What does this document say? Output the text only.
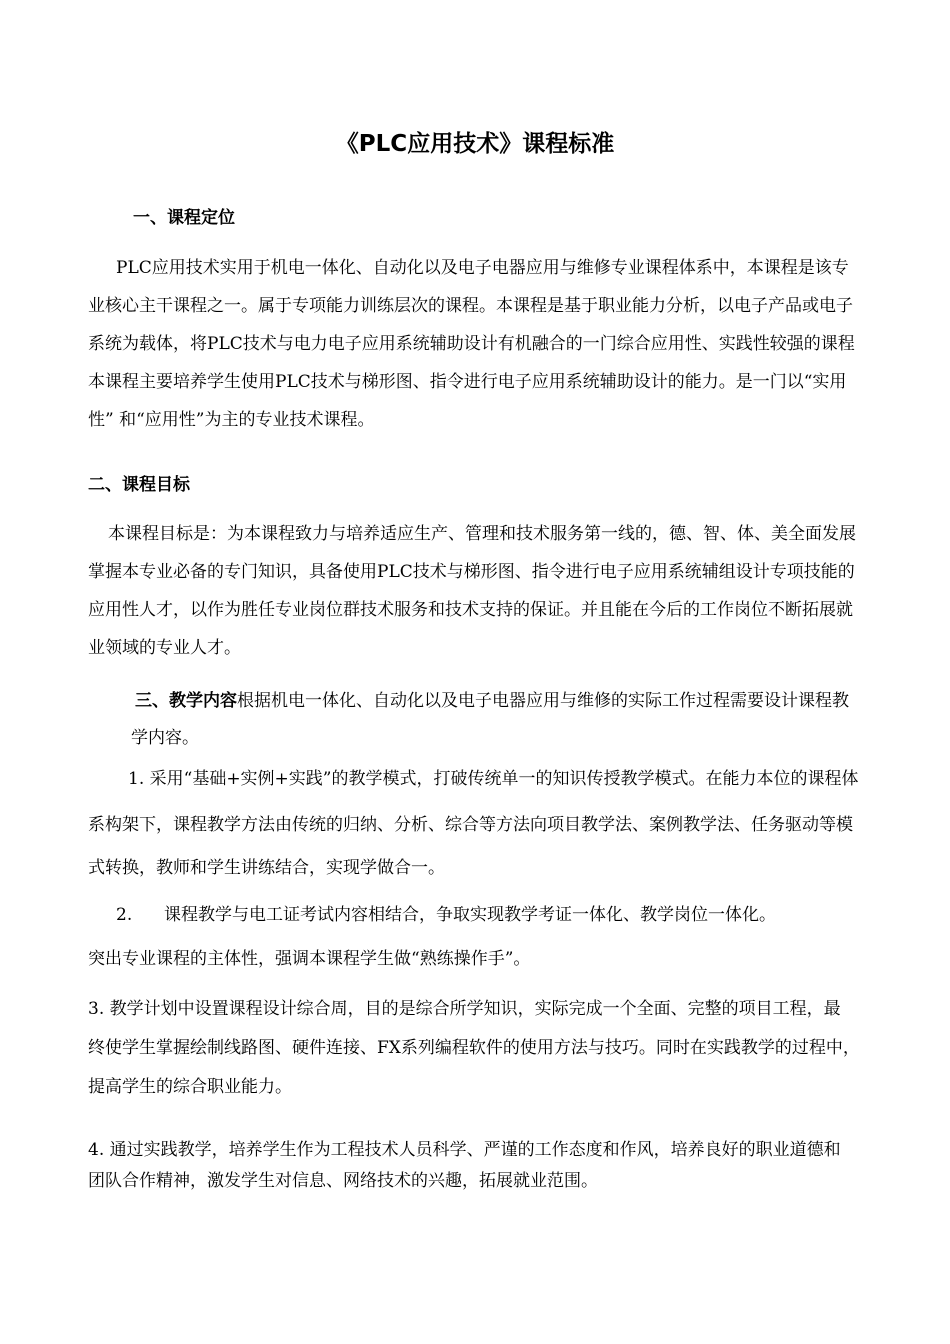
《PLC应用技术》课程标准
一、课程定位
PLC应用技术实用于机电一体化、自动化以及电子电器应用与维修专业课程体系中，本课程是该专
业核心主干课程之一。属于专项能力训练层次的课程。本课程是基于职业能力分析，以电子产品或电子
系统为载体，将PLC技术与电力电子应用系统辅助设计有机融合的一门综合应用性、实践性较强的课程
本课程主要培养学生使用PLC技术与梯形图、指令进行电子应用系统辅助设计的能力。是一门以“实用
性” 和“应用性”为主的专业技术课程。
二、课程目标
本课程目标是：为本课程致力与培养适应生产、管理和技术服务第一线的，德、智、体、美全面发展
掌握本专业必备的专门知识，具备使用PLC技术与梯形图、指令进行电子应用系统辅组设计专项技能的
应用性人才，以作为胜任专业岗位群技术服务和技术支持的保证。并且能在今后的工作岗位不断拓展就
业领域的专业人才。
三、教学内容根据机电一体化、自动化以及电子电器应用与维修的实际工作过程需要设计课程教
学内容。
1. 采用“基础+实例+实践”的教学模式，打破传统单一的知识传授教学模式。在能力本位的课程体
系构架下，课程教学方法由传统的归纳、分析、综合等方法向项目教学法、案例教学法、任务驱动等模
式转换，教师和学生讲练结合，实现学做合一。
2.	课程教学与电工证考试内容相结合，争取实现教学考证一体化、教学岗位一体化。
突出专业课程的主体性，强调本课程学生做“熟练操作手”。
3. 教学计划中设置课程设计综合周，目的是综合所学知识，实际完成一个全面、完整的项目工程，最
终使学生掌握绘制线路图、硬件连接、FX系列编程软件的使用方法与技巧。同时在实践教学的过程中，
提高学生的综合职业能力。
4. 通过实践教学，培养学生作为工程技术人员科学、严谨的工作态度和作风，培养良好的职业道德和
团队合作精神，激发学生对信息、网络技术的兴趣，拓展就业范围。
